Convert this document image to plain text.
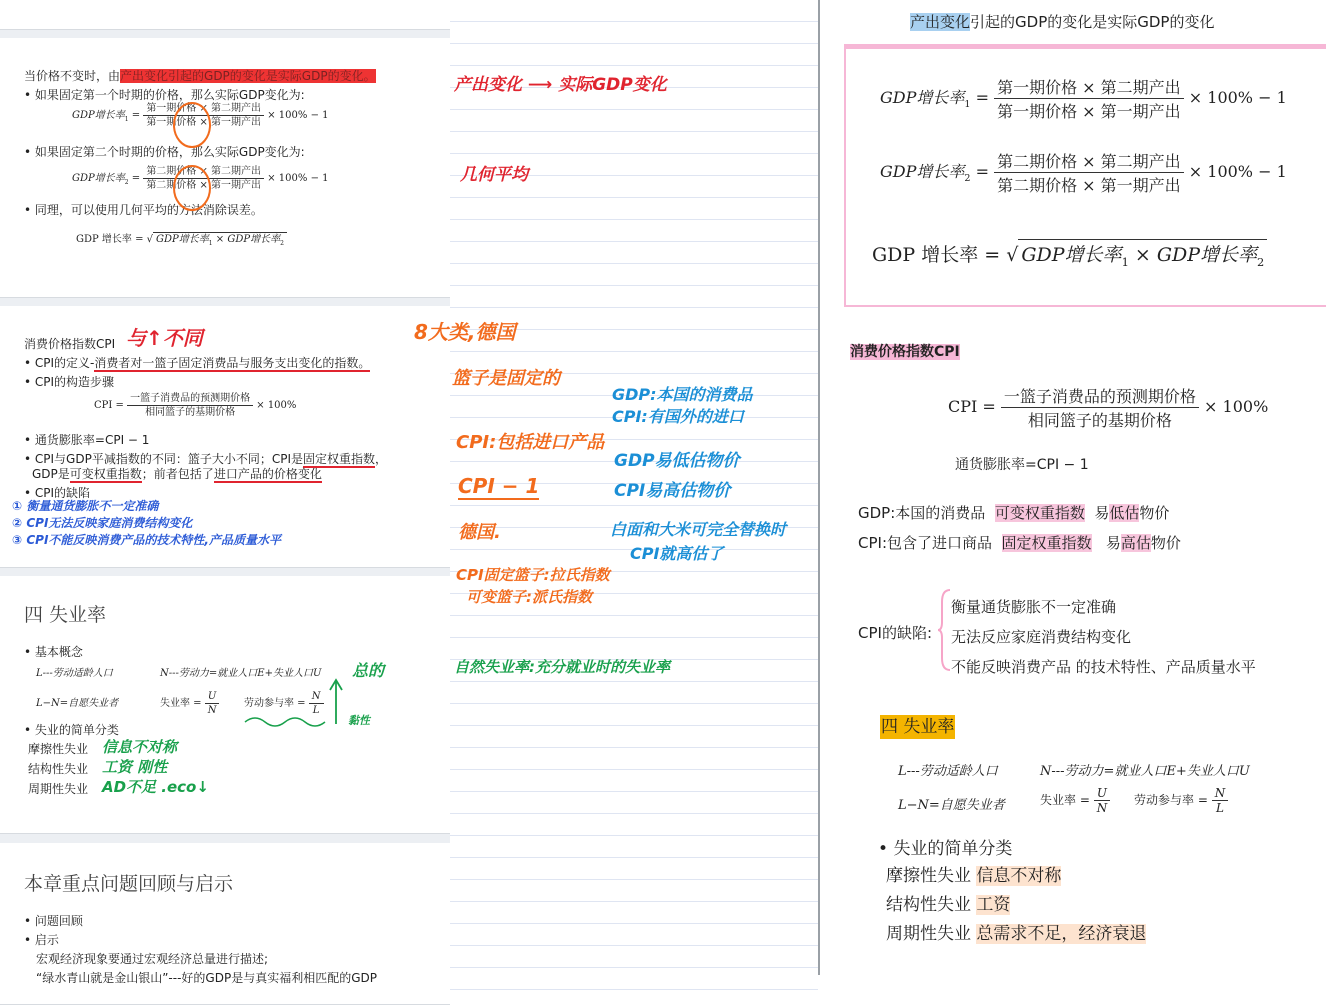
当价格不变时，由产出变化引起的GDP的变化是实际GDP的变化。
• 如果固定第一个时期的价格，那么实际GDP变化为:
GDP增长率$_1 = \frac{\text{第一期价格 × 第二期产出}}{\text{第一期价格 × 第一期产出}} \times 100\% - 1$
• 如果固定第二个时期的价格，那么实际GDP变化为:
GDP增长率$_2 = \frac{\text{第二期价格 × 第二期产出}}{\text{第二期价格 × 第一期产出}} \times 100\% - 1$
• 同理，可以使用几何平均的方法消除误差。
GDP 增长率 = √ GDP增长率$_1$ × GDP增长率$_2$
消费价格指数CPI 与↑不同
• CPI的定义-消费者对一篮子固定消费品与服务支出变化的指数。
• CPI的构造步骤
CPI = $\frac{\text{一篮子消费品的预测期价格}}{\text{相同篮子的基期价格}} \times 100\%$
• 通货膨胀率=CPI − 1
• CPI与GDP平减指数的不同：篮子大小不同；CPI是固定权重指数，
GDP是可变权重指数；前者包括了进口产品的价格变化
• CPI的缺陷
① 衡量通货膨胀不一定准确
② CPI无法反映家庭消费结构变化
③ CPI不能反映消费产品的技术特性,产品质量水平
四 失业率
• 基本概念
L---劳动适龄人口	N---劳动力=就业人口E+失业人口U 总的
L−N=自愿失业者	失业率 = $\frac{U}{N}$ 劳动参与率 = $\frac{N}{L}$
黏性
• 失业的简单分类
摩擦性失业 信息不对称
结构性失业 工资 刚性
周期性失业 AD不足 .eco↓
本章重点问题回顾与启示
• 问题回顾
• 启示
宏观经济现象要通过宏观经济总量进行描述;
“绿水青山就是金山银山”---好的GDP是与真实福利相匹配的GDP
产出变化 ⟶ 实际GDP变化
几何平均
8大类,德国
篮子是固定的
CPI:包括进口产品
CPI − 1
德国.
CPI固定篮子:拉氏指数
可变篮子:派氏指数
GDP:本国的消费品
CPI:有国外的进口
GDP易低估物价
CPI易高估物价
白面和大米可完全替换时
CPI就高估了
自然失业率:充分就业时的失业率
产出变化引起的GDP的变化是实际GDP的变化
GDP增长率$_1 = \frac{\text{第一期价格 × 第二期产出}}{\text{第一期价格 × 第一期产出}} \times 100\% - 1$
GDP增长率$_2 = \frac{\text{第二期价格 × 第二期产出}}{\text{第二期价格 × 第一期产出}} \times 100\% - 1$
GDP 增长率 = √ GDP增长率$_1$ × GDP增长率$_2$
消费价格指数CPI
CPI = $\frac{\text{一篮子消费品的预测期价格}}{\text{相同篮子的基期价格}} \times 100\%$
通货膨胀率=CPI − 1
GDP:本国的消费品 可变权重指数 易低估物价
CPI:包含了进口商品 固定权重指数 易高估物价
CPI的缺陷:
衡量通货膨胀不一定准确
无法反应家庭消费结构变化
不能反映消费产品 的技术特性、产品质量水平
四 失业率
L---劳动适龄人口	N---劳动力=就业人口E+失业人口U
L−N=自愿失业者	失业率 = $\frac{U}{N}$ 劳动参与率 = $\frac{N}{L}$
• 失业的简单分类
摩擦性失业 信息不对称
结构性失业 工资
周期性失业 总需求不足，经济衰退
